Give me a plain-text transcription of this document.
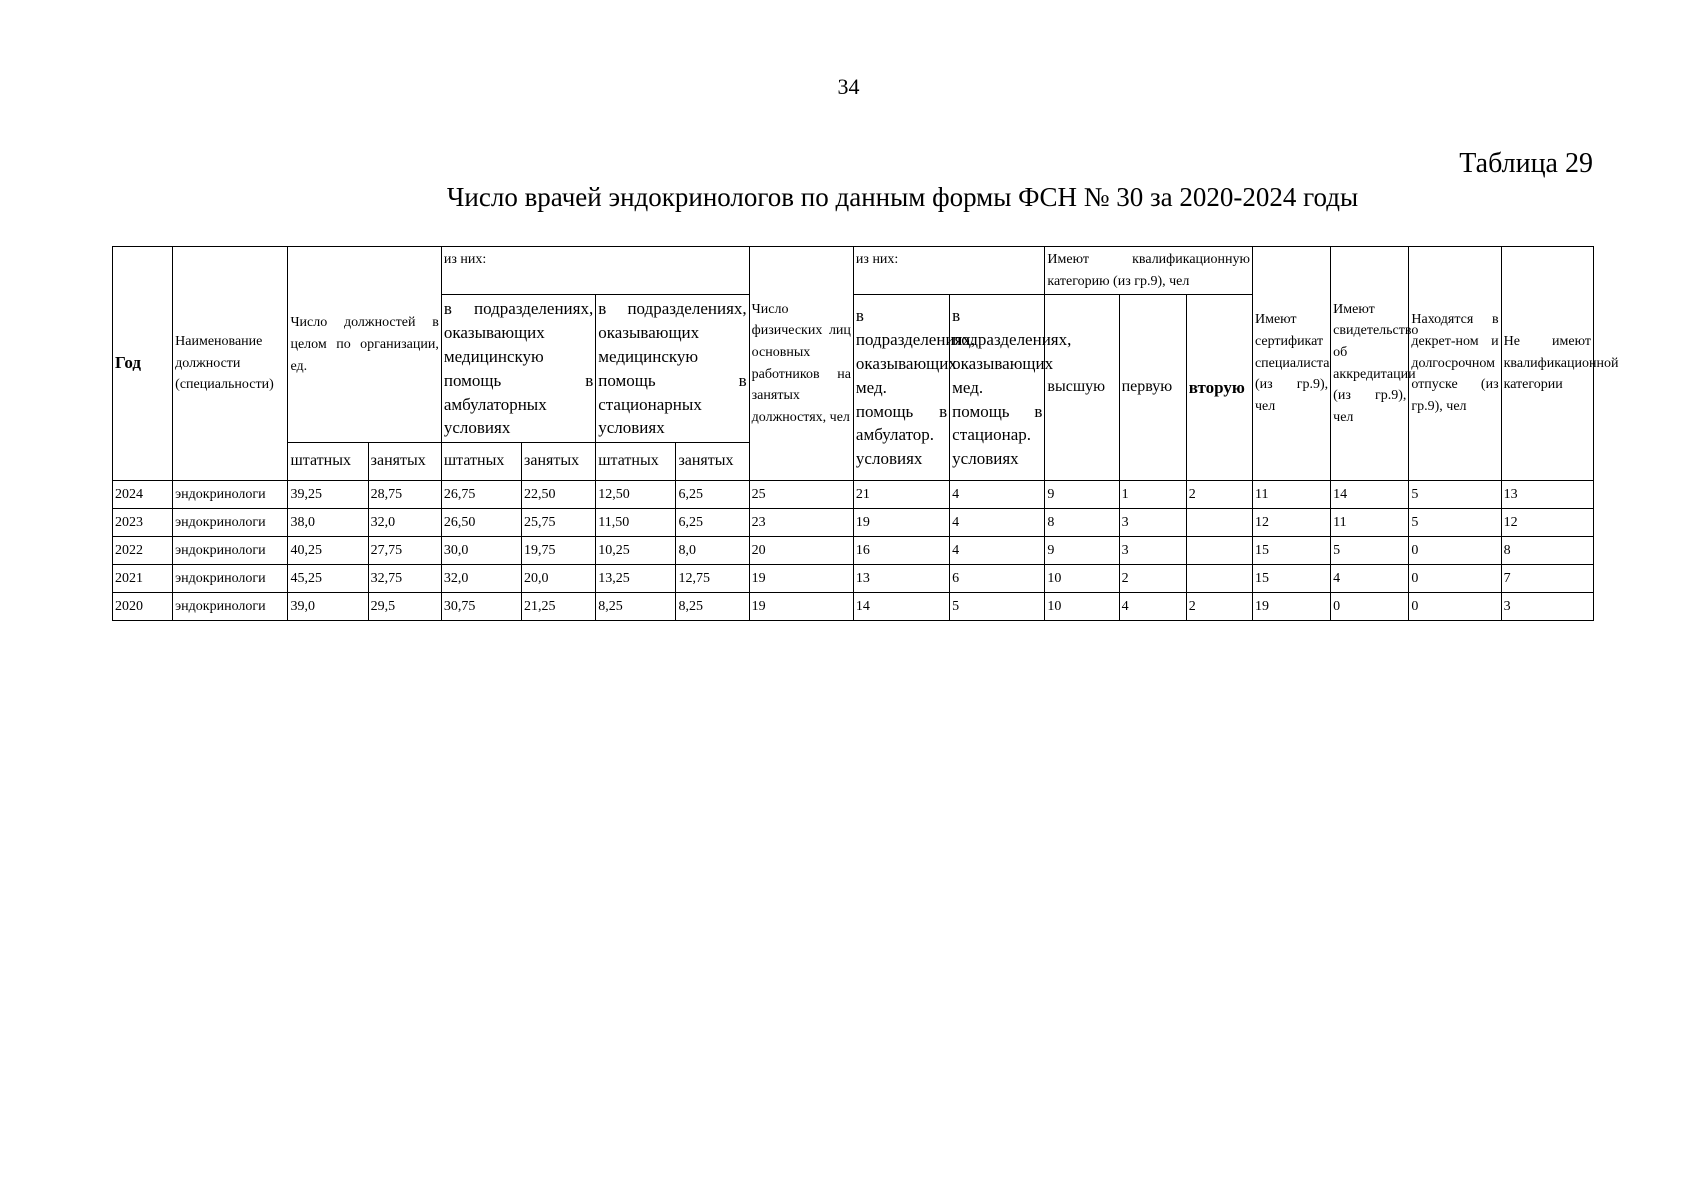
34
Таблица 29
Число врачей эндокринологов по данным формы ФСН № 30 за 2020-2024 годы
Год	Наименование должности (специальности)	Число должностей в целом по организации, ед.		из них:				Число физических лиц основных работников на занятых должностях, чел	из них:		Имеют квалификационную категорию (из гр.9), чел			Имеют сертификат специалиста (из гр.9), чел	Имеют свидетельство об аккредитации (из гр.9), чел	Находятся в декрет-ном и долгосрочном отпуске (из гр.9), чел	Не имеют квалификационной категории
				в подразделениях, оказывающих медицинскую помощь в амбулаторных условиях		в подразделениях, оказывающих медицинскую помощь в стационарных условиях			в подразделениях, оказывающих мед. помощь в амбулатор. условиях	в подразделениях, оказывающих мед. помощь в стационар. условиях	высшую	первую	вторую				
		штатных	занятых	штатных	занятых	штатных	занятых										
2024	эндокринологи	39,25	28,75	26,75	22,50	12,50	6,25	25	21	4	9	1	2	11	14	5	13
2023	эндокринологи	38,0	32,0	26,50	25,75	11,50	6,25	23	19	4	8	3		12	11	5	12
2022	эндокринологи	40,25	27,75	30,0	19,75	10,25	8,0	20	16	4	9	3		15	5	0	8
2021	эндокринологи	45,25	32,75	32,0	20,0	13,25	12,75	19	13	6	10	2		15	4	0	7
2020	эндокринологи	39,0	29,5	30,75	21,25	8,25	8,25	19	14	5	10	4	2	19	0	0	3
